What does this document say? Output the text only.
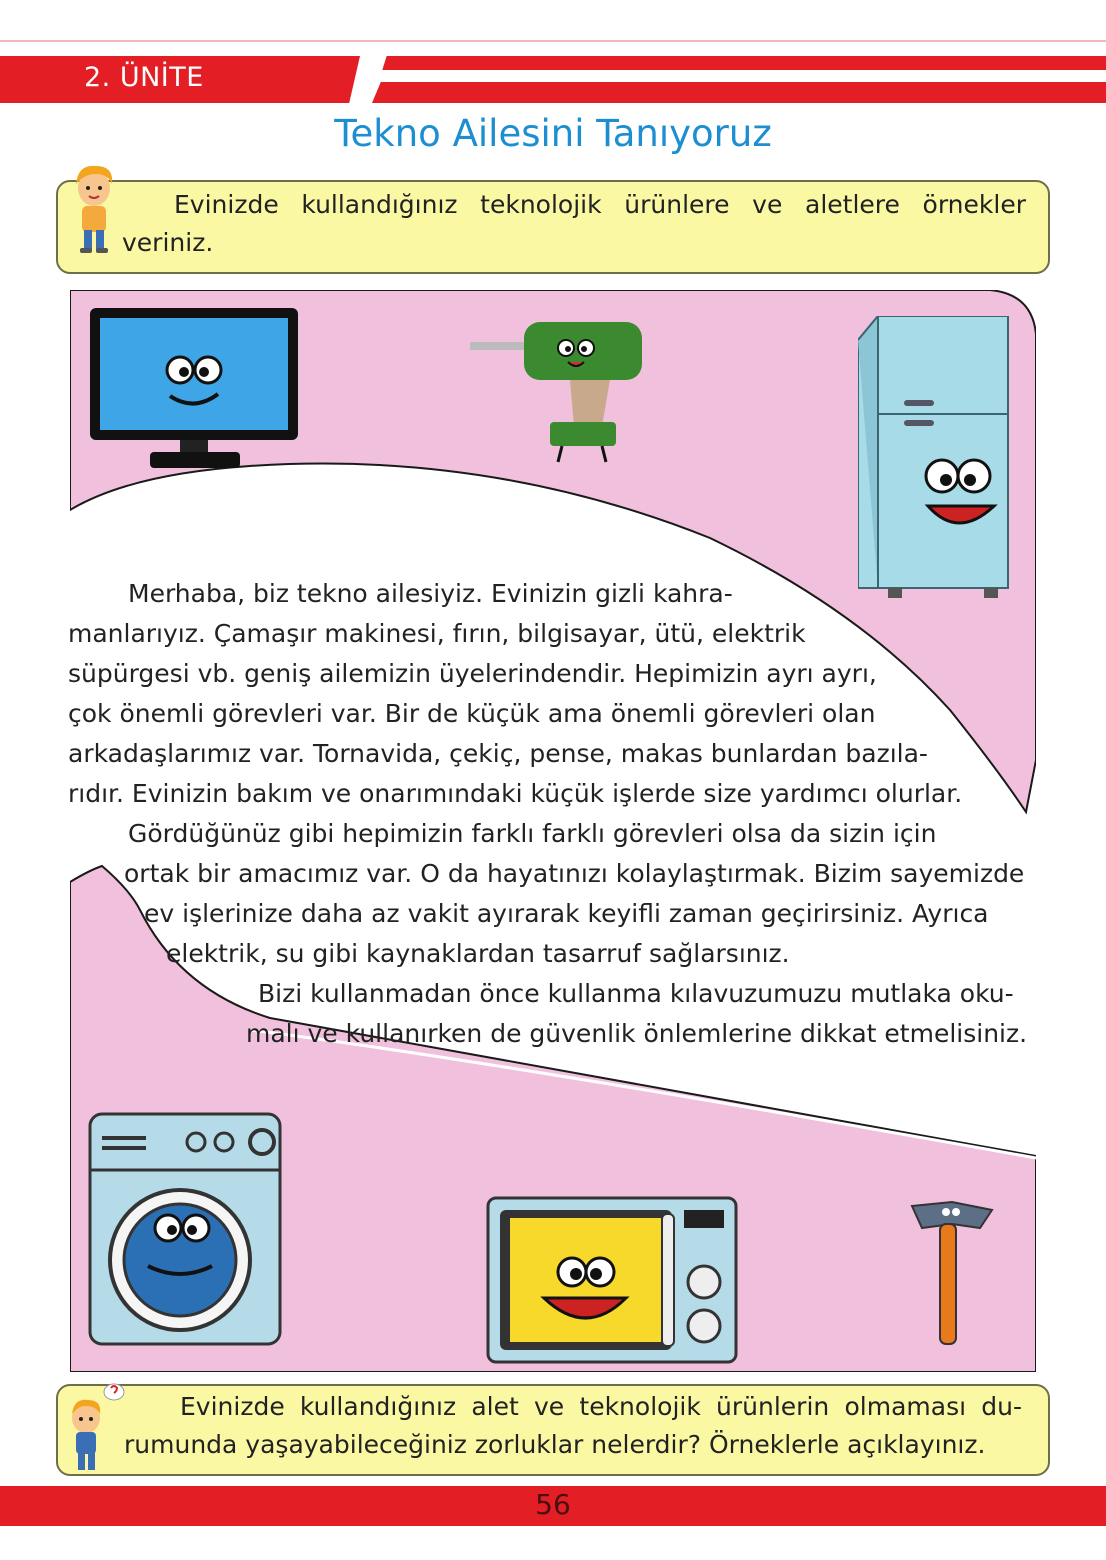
2. ÜNİTE
Tekno Ailesini Tanıyoruz
Evinizde kullandığınız teknolojik ürünlere ve aletlere örnekler
veriniz.
Merhaba, biz tekno ailesiyiz. Evinizin gizli kahra-
manlarıyız. Çamaşır makinesi, fırın, bilgisayar, ütü, elektrik
süpürgesi vb. geniş ailemizin üyelerindendir. Hepimizin ayrı ayrı,
çok önemli görevleri var. Bir de küçük ama önemli görevleri olan
arkadaşlarımız var. Tornavida, çekiç, pense, makas bunlardan bazıla-
rıdır. Evinizin bakım ve onarımındaki küçük işlerde size yardımcı olurlar.
Gördüğünüz gibi hepimizin farklı farklı görevleri olsa da sizin için
ortak bir amacımız var. O da hayatınızı kolaylaştırmak. Bizim sayemizde
ev işlerinize daha az vakit ayırarak keyifli zaman geçirirsiniz. Ayrıca
elektrik, su gibi kaynaklardan tasarruf sağlarsınız.
Bizi kullanmadan önce kullanma kılavuzumuzu mutlaka oku-
malı ve kullanırken de güvenlik önlemlerine dikkat etmelisiniz.
Evinizde kullandığınız alet ve teknolojik ürünlerin olmaması du-
rumunda yaşayabileceğiniz zorluklar nelerdir? Örneklerle açıklayınız.
56
